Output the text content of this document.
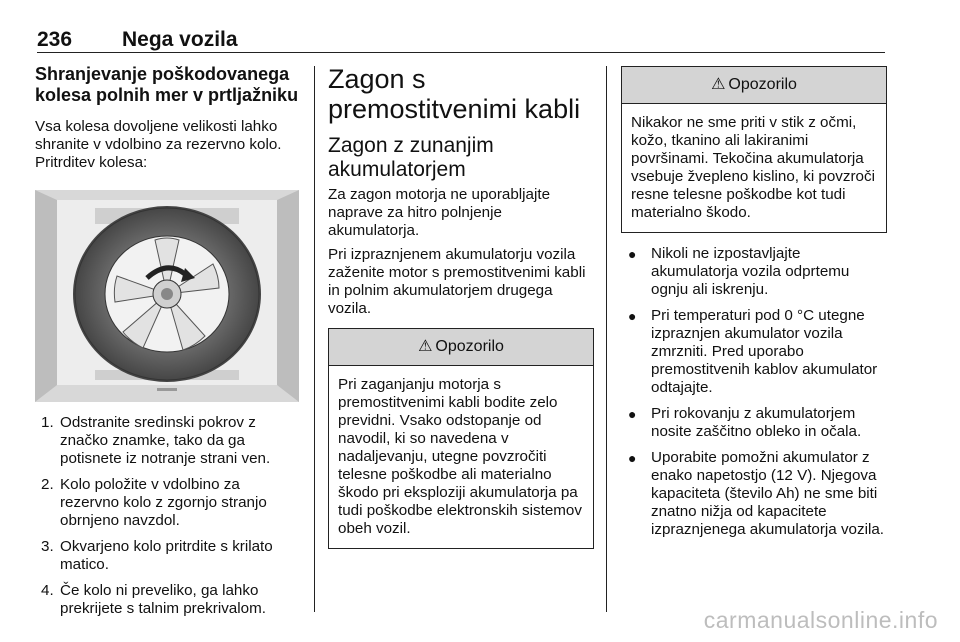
236 Nega vozila
Shranjevanje poškodovanega kolesa polnih mer v prtljažniku

Vsa kolesa dovoljene velikosti lahko shranite v vdolbino za rezervno kolo. Pritrditev kolesa:

1. Odstranite sredinski pokrov z značko znamke, tako da ga potisnete iz notranje strani ven.
2. Kolo položite v vdolbino za rezervno kolo z zgornjo stranjo obrnjeno navzdol.
3. Okvarjeno kolo pritrdite s krilato matico.
4. Če kolo ni preveliko, ga lahko prekrijete s talnim prekrivalom.
Zagon s premostitvenimi kabli
Zagon z zunanjim akumulatorjem

Za zagon motorja ne uporabljajte naprave za hitro polnjenje akumulatorja.

Pri izpraznjenem akumulatorju vozila zaženite motor s premostitvenimi kabli in polnim akumulatorjem drugega vozila.

⚠ Opozorilo
Pri zaganjanju motorja s premostitvenimi kabli bodite zelo previdni. Vsako odstopanje od navodil, ki so navedena v nadaljevanju, utegne povzročiti telesne poškodbe ali materialno škodo pri eksploziji akumulatorja pa tudi poškodbe elektronskih sistemov obeh vozil.
⚠ Opozorilo
Nikakor ne sme priti v stik z očmi, kožo, tkanino ali lakiranimi površinami. Tekočina akumulatorja vsebuje žvepleno kislino, ki povzroči resne telesne poškodbe kot tudi materialno škodo.
● Nikoli ne izpostavljajte akumulatorja vozila odprtemu ognju ali iskrenju.
● Pri temperaturi pod 0 °C utegne izpraznjen akumulator vozila zmrzniti. Pred uporabo premostitvenih kablov akumulator odtajajte.
● Pri rokovanju z akumulatorjem nosite zaščitno obleko in očala.
● Uporabite pomožni akumulator z enako napetostjo (12 V). Njegova kapaciteta (število Ah) ne sme biti znatno nižja od kapacitete izpraznjenega akumulatorja vozila.
carmanualsonline.info
